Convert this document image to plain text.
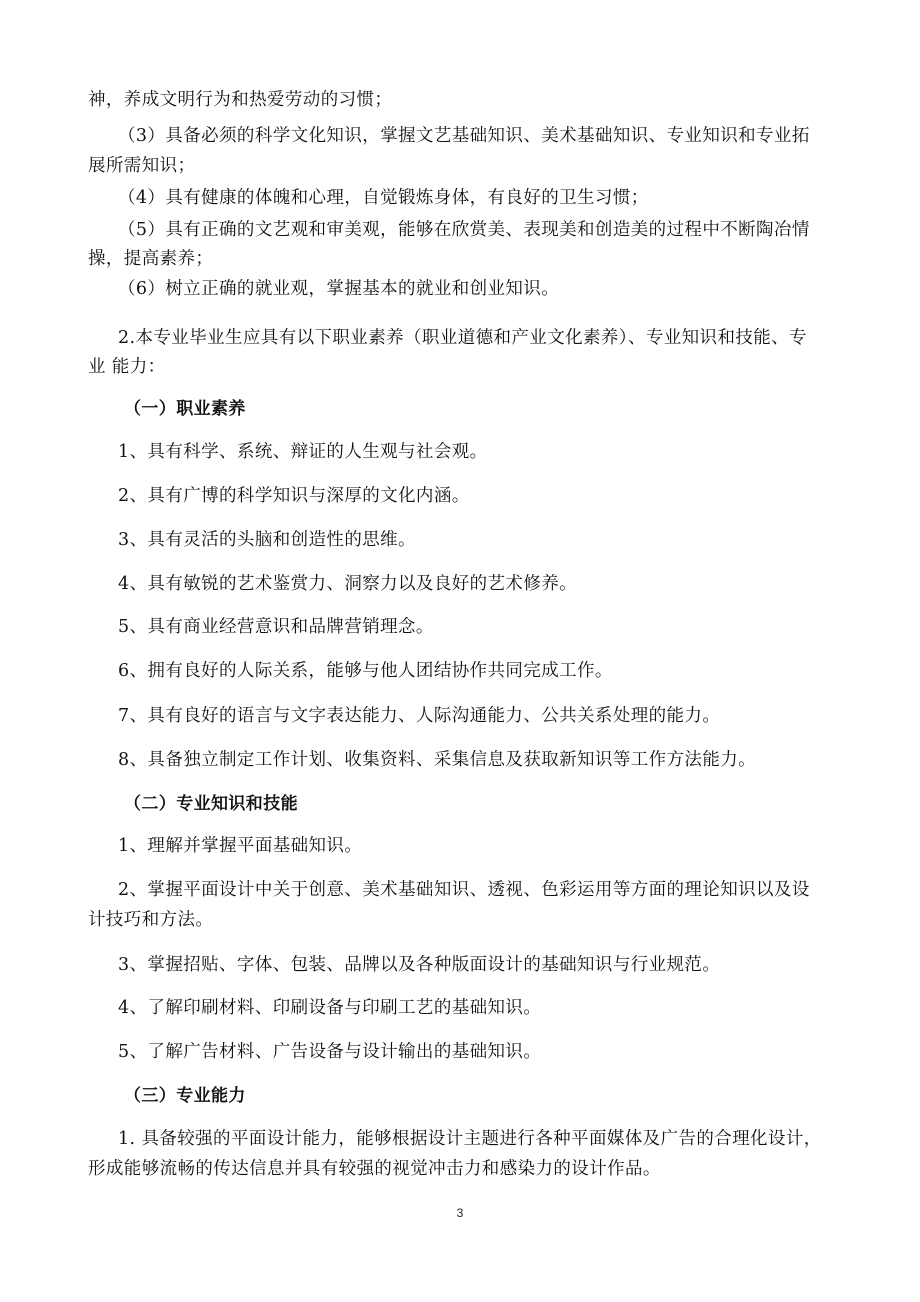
神，养成文明行为和热爱劳动的习惯；
（3）具备必须的科学文化知识，掌握文艺基础知识、美术基础知识、专业知识和专业拓
展所需知识；
（4）具有健康的体魄和心理，自觉锻炼身体，有良好的卫生习惯；
（5）具有正确的文艺观和审美观，能够在欣赏美、表现美和创造美的过程中不断陶冶情
操，提高素养；
（6）树立正确的就业观，掌握基本的就业和创业知识。
2.本专业毕业生应具有以下职业素养（职业道德和产业文化素养）、专业知识和技能、专
业 能力：
（一）职业素养
1、具有科学、系统、辩证的人生观与社会观。
2、具有广博的科学知识与深厚的文化内涵。
3、具有灵活的头脑和创造性的思维。
4、具有敏锐的艺术鉴赏力、洞察力以及良好的艺术修养。
5、具有商业经营意识和品牌营销理念。
6、拥有良好的人际关系，能够与他人团结协作共同完成工作。
7、具有良好的语言与文字表达能力、人际沟通能力、公共关系处理的能力。
8、具备独立制定工作计划、收集资料、采集信息及获取新知识等工作方法能力。
（二）专业知识和技能
1、理解并掌握平面基础知识。
2、掌握平面设计中关于创意、美术基础知识、透视、色彩运用等方面的理论知识以及设
计技巧和方法。
3、掌握招贴、字体、包装、品牌以及各种版面设计的基础知识与行业规范。
4、了解印刷材料、印刷设备与印刷工艺的基础知识。
5、了解广告材料、广告设备与设计输出的基础知识。
（三）专业能力
1. 具备较强的平面设计能力，能够根据设计主题进行各种平面媒体及广告的合理化设计，
形成能够流畅的传达信息并具有较强的视觉冲击力和感染力的设计作品。
3
